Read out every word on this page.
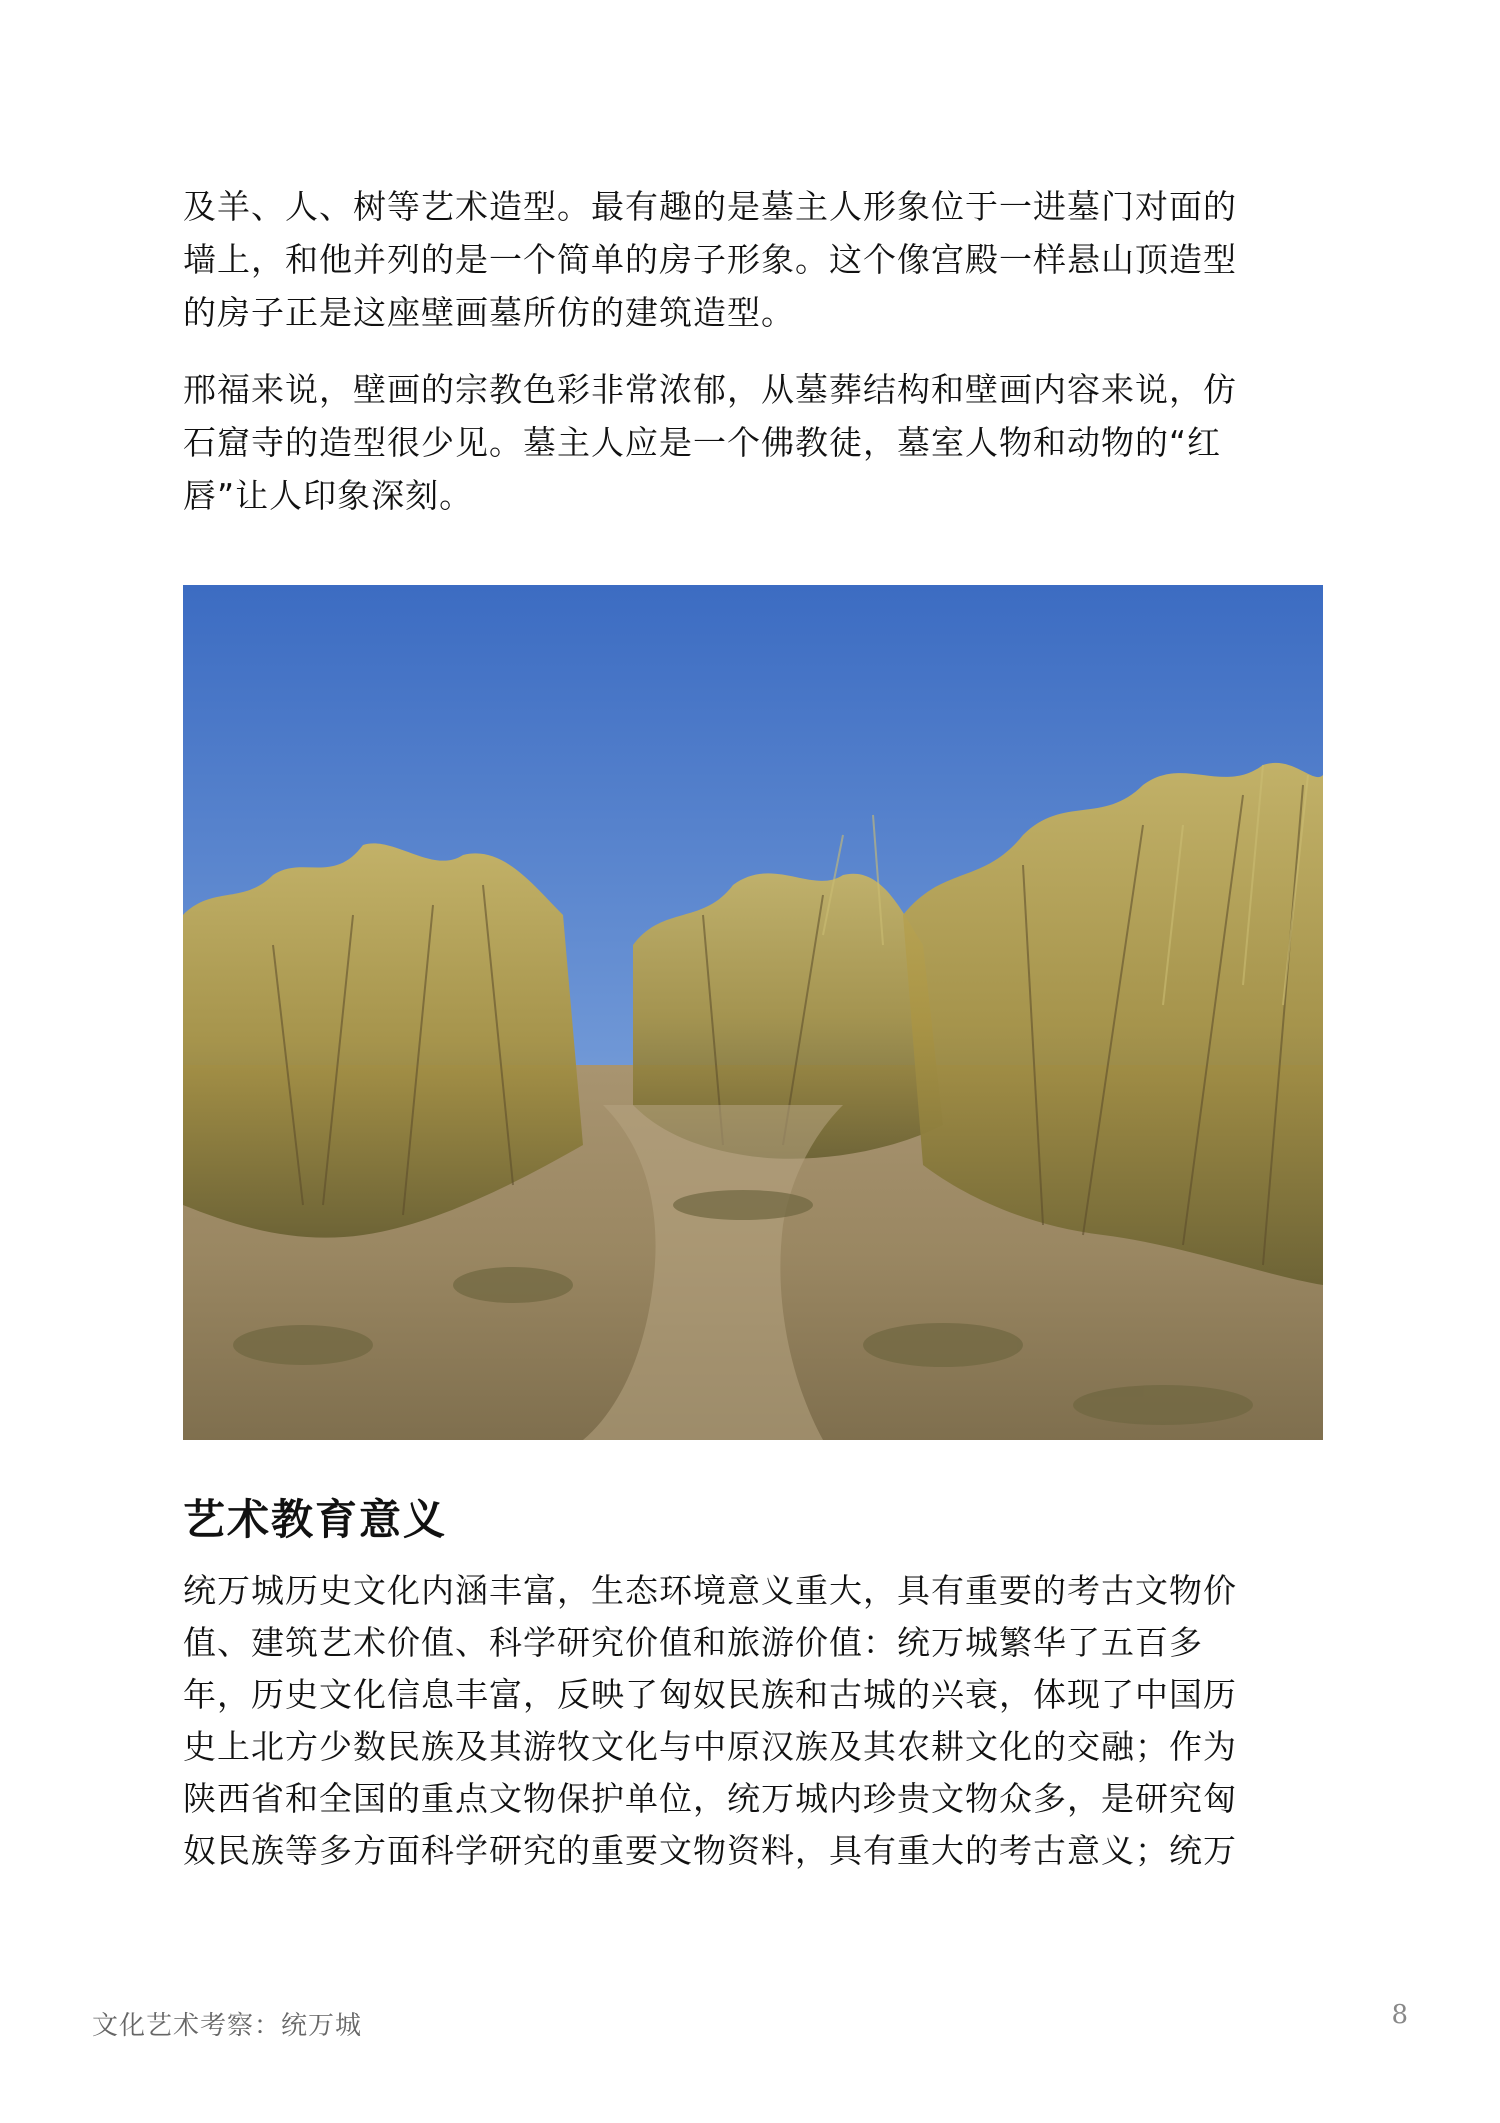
及羊、人、树等艺术造型。最有趣的是墓主人形象位于一进墓门对面的
墙上，和他并列的是一个简单的房子形象。这个像宫殿一样悬山顶造型
的房子正是这座壁画墓所仿的建筑造型。

邢福来说，壁画的宗教色彩非常浓郁，从墓葬结构和壁画内容来说，仿
石窟寺的造型很少见。墓主人应是一个佛教徒，墓室人物和动物的“红
唇”让人印象深刻。

艺术教育意义

统万城历史文化内涵丰富，生态环境意义重大，具有重要的考古文物价
值、建筑艺术价值、科学研究价值和旅游价值：统万城繁华了五百多
年，历史文化信息丰富，反映了匈奴民族和古城的兴衰，体现了中国历
史上北方少数民族及其游牧文化与中原汉族及其农耕文化的交融；作为
陕西省和全国的重点文物保护单位，统万城内珍贵文物众多，是研究匈
奴民族等多方面科学研究的重要文物资料，具有重大的考古意义；统万

文化艺术考察：统万城	8
